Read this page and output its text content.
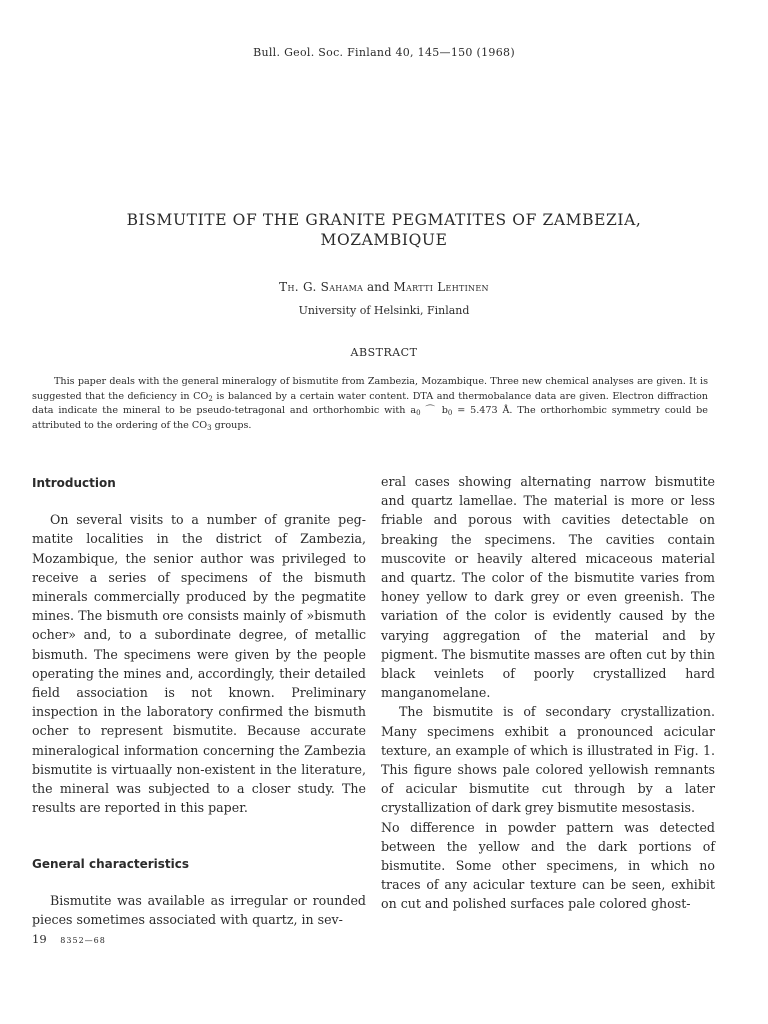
Bull. Geol. Soc. Finland 40, 145—150 (1968)
BISMUTITE OF THE GRANITE PEGMATITES OF ZAMBEZIA,
MOZAMBIQUE
Th. G. Sahama and Martti Lehtinen
University of Helsinki, Finland
ABSTRACT

This paper deals with the general mineralogy of bismutite from Zambezia, Mozambique. Three new chemical analyses are given. It is suggested that the deficiency in $CO_2$ is balanced by a certain water content. DTA and thermobalance data are given. Electron diffraction data indicate the mineral to be pseudo-tetragonal and orthorhombic with $a_0$ ⌒ $b_0 = 5.473$ Å. The orthorhombic symmetry could be attributed to the ordering of the $CO_3$ groups.

Introduction

On several visits to a number of granite pegmatite localities in the district of Zambezia, Mozambique, the senior author was privileged to receive a series of specimens of the bismuth minerals commercially produced by the pegmatite mines. The bismuth ore consists mainly of »bismuth ocher» and, to a subordinate degree, of metallic bismuth. The specimens were given by the people operating the mines and, accordingly, their detailed field association is not known. Preliminary inspection in the laboratory confirmed the bismuth ocher to represent bismutite. Because accurate mineralogical information concerning the Zambezia bismutite is virtuaally non-existent in the literature, the mineral was subjected to a closer study. The results are reported in this paper.

General characteristics

Bismutite was available as irregular or rounded pieces sometimes associated with quartz, in sev-

eral cases showing alternating narrow bismutite and quartz lamellae. The material is more or less friable and porous with cavities detectable on breaking the specimens. The cavities contain muscovite or heavily altered micaceous material and quartz. The color of the bismutite varies from honey yellow to dark grey or even greenish. The variation of the color is evidently caused by the varying aggregation of the material and by pigment. The bismutite masses are often cut by thin black veinlets of poorly crystallized hard manganomelane.

The bismutite is of secondary crystallization. Many specimens exhibit a pronounced acicular texture, an example of which is illustrated in Fig. 1. This figure shows pale colored yellowish remnants of acicular bismutite cut through by a later crystallization of dark grey bismutite mesostasis.

No difference in powder pattern was detected between the yellow and the dark portions of bismutite. Some other specimens, in which no traces of any acicular texture can be seen, exhibit on cut and polished surfaces pale colored ghost-

19 8352—68
